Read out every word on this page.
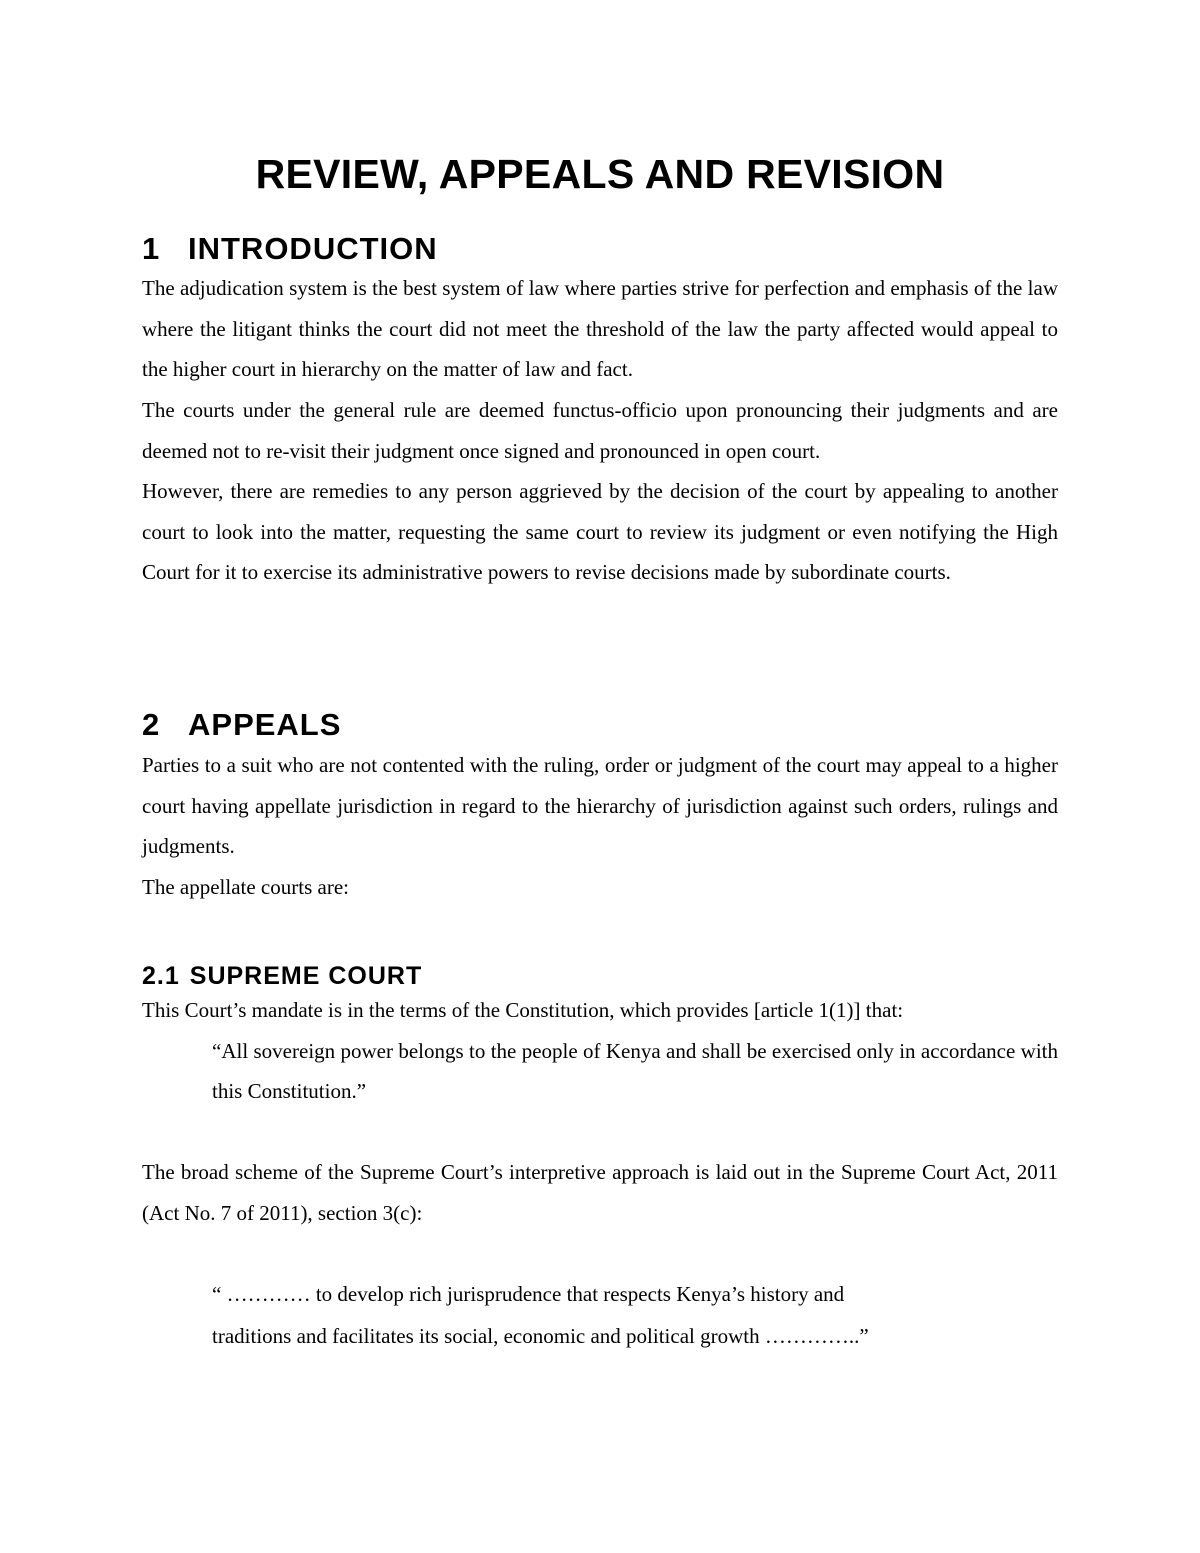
REVIEW, APPEALS AND REVISION
1 INTRODUCTION

The adjudication system is the best system of law where parties strive for perfection and emphasis of the law where the litigant thinks the court did not meet the threshold of the law the party affected would appeal to the higher court in hierarchy on the matter of law and fact.

The courts under the general rule are deemed functus-officio upon pronouncing their judgments and are deemed not to re-visit their judgment once signed and pronounced in open court.

However, there are remedies to any person aggrieved by the decision of the court by appealing to another court to look into the matter, requesting the same court to review its judgment or even notifying the High Court for it to exercise its administrative powers to revise decisions made by subordinate courts.

2 APPEALS

Parties to a suit who are not contented with the ruling, order or judgment of the court may appeal to a higher court having appellate jurisdiction in regard to the hierarchy of jurisdiction against such orders, rulings and judgments.

The appellate courts are:

2.1 SUPREME COURT

This Court’s mandate is in the terms of the Constitution, which provides [article 1(1)] that:

“All sovereign power belongs to the people of Kenya and shall be exercised only in accordance with this Constitution.”

The broad scheme of the Supreme Court’s interpretive approach is laid out in the Supreme Court Act, 2011 (Act No. 7 of 2011), section 3(c):

“ ………… to develop rich jurisprudence that respects Kenya’s history and
traditions and facilitates its social, economic and political growth …………..”
